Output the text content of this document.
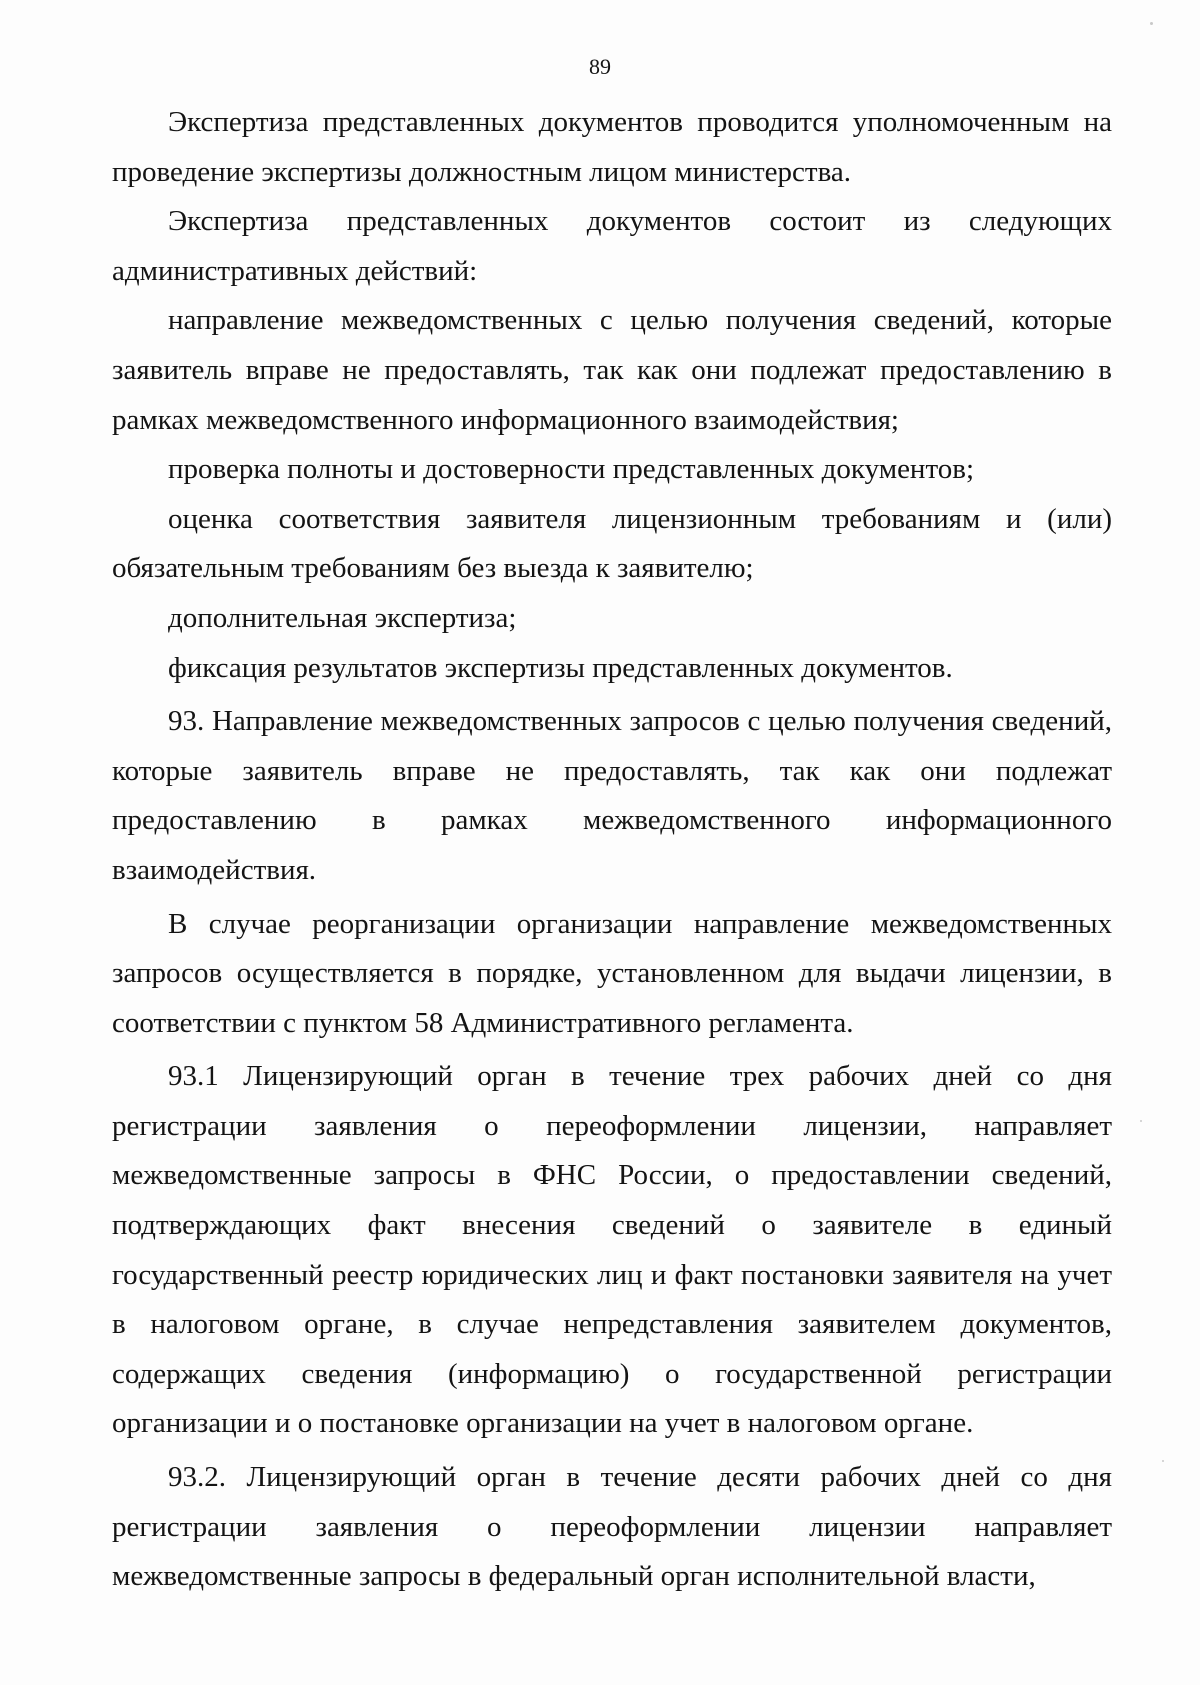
89

Экспертиза представленных документов проводится уполномоченным на проведение экспертизы должностным лицом министерства.

Экспертиза представленных документов состоит из следующих административных действий:

направление межведомственных с целью получения сведений, которые заявитель вправе не предоставлять, так как они подлежат предоставлению в рамках межведомственного информационного взаимодействия;

проверка полноты и достоверности представленных документов;

оценка соответствия заявителя лицензионным требованиям и (или) обязательным требованиям без выезда к заявителю;

дополнительная экспертиза;

фиксация результатов экспертизы представленных документов.

93. Направление межведомственных запросов с целью получения сведений, которые заявитель вправе не предоставлять, так как они подлежат предоставлению в рамках межведомственного информационного взаимодействия.

В случае реорганизации организации направление межведомственных запросов осуществляется в порядке, установленном для выдачи лицензии, в соответствии с пунктом 58 Административного регламента.

93.1 Лицензирующий орган в течение трех рабочих дней со дня регистрации заявления о переоформлении лицензии, направляет межведомственные запросы в ФНС России, о предоставлении сведений, подтверждающих факт внесения сведений о заявителе в единый государственный реестр юридических лиц и факт постановки заявителя на учет в налоговом органе, в случае непредставления заявителем документов, содержащих сведения (информацию) о государственной регистрации организации и о постановке организации на учет в налоговом органе.

93.2. Лицензирующий орган в течение десяти рабочих дней со дня регистрации заявления о переоформлении лицензии направляет межведомственные запросы в федеральный орган исполнительной власти,
